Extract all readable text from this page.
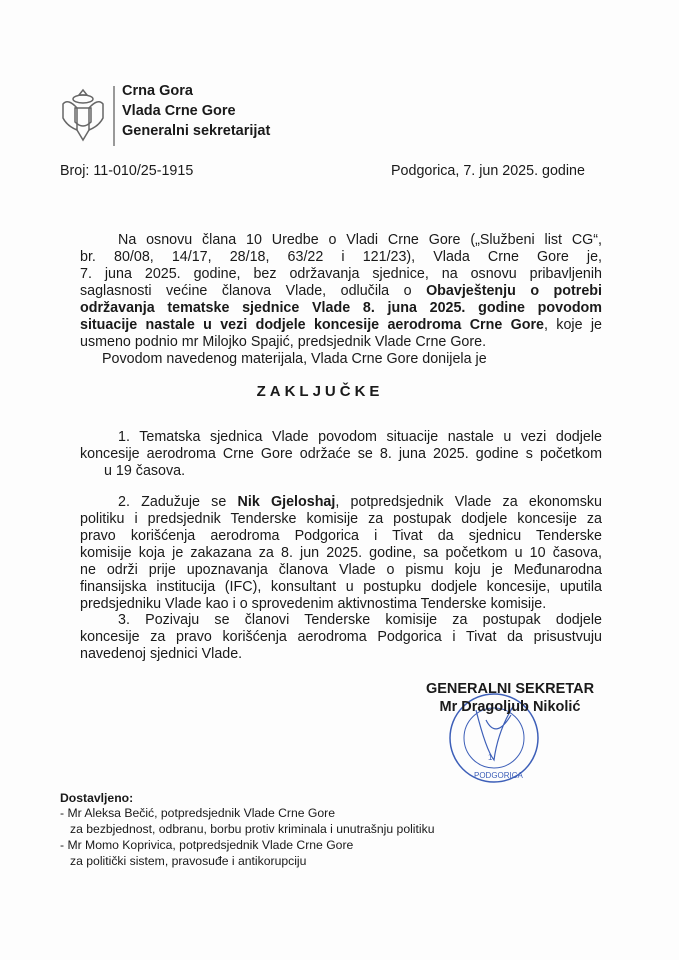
Crna Gora
Vlada Crne Gore
Generalni sekretarijat
Broj: 11-010/25-1915	Podgorica, 7. jun 2025. godine
Na osnovu člana 10 Uredbe o Vladi Crne Gore („Službeni list CG“,
br. 80/08, 14/17, 28/18, 63/22 i 121/23), Vlada Crne Gore je,
7. juna 2025. godine, bez održavanja sjednice, na osnovu pribavljenih
saglasnosti većine članova Vlade, odlučila o Obavještenju o potrebi
održavanja tematske sjednice Vlade 8. juna 2025. godine povodom
situacije nastale u vezi dodjele koncesije aerodroma Crne Gore, koje je
usmeno podnio mr Milojko Spajić, predsjednik Vlade Crne Gore.
Povodom navedenog materijala, Vlada Crne Gore donijela je
ZAKLJUČKE
1. Tematska sjednica Vlade povodom situacije nastale u vezi dodjele
koncesije aerodroma Crne Gore održaće se 8. juna 2025. godine s početkom
u 19 časova.
2. Zadužuje se Nik Gjeloshaj, potpredsjednik Vlade za ekonomsku
politiku i predsjednik Tenderske komisije za postupak dodjele koncesije za
pravo korišćenja aerodroma Podgorica i Tivat da sjednicu Tenderske
komisije koja je zakazana za 8. jun 2025. godine, sa početkom u 10 časova,
ne održi prije upoznavanja članova Vlade o pismu koju je Međunarodna
finansijska institucija (IFC), konsultant u postupku dodjele koncesije, uputila
predsjedniku Vlade kao i o sprovedenim aktivnostima Tenderske komisije.
3. Pozivaju se članovi Tenderske komisije za postupak dodjele
koncesije za pravo korišćenja aerodroma Podgorica i Tivat da prisustvuju
navedenoj sjednici Vlade.
1
PODGORICA
GENERALNI SEKRETAR
Mr Dragoljub Nikolić
Dostavljeno:
- Mr Aleksa Bečić, potpredsjednik Vlade Crne Gore
za bezbjednost, odbranu, borbu protiv kriminala i unutrašnju politiku
- Mr Momo Koprivica, potpredsjednik Vlade Crne Gore
za politički sistem, pravosuđe i antikorupciju
